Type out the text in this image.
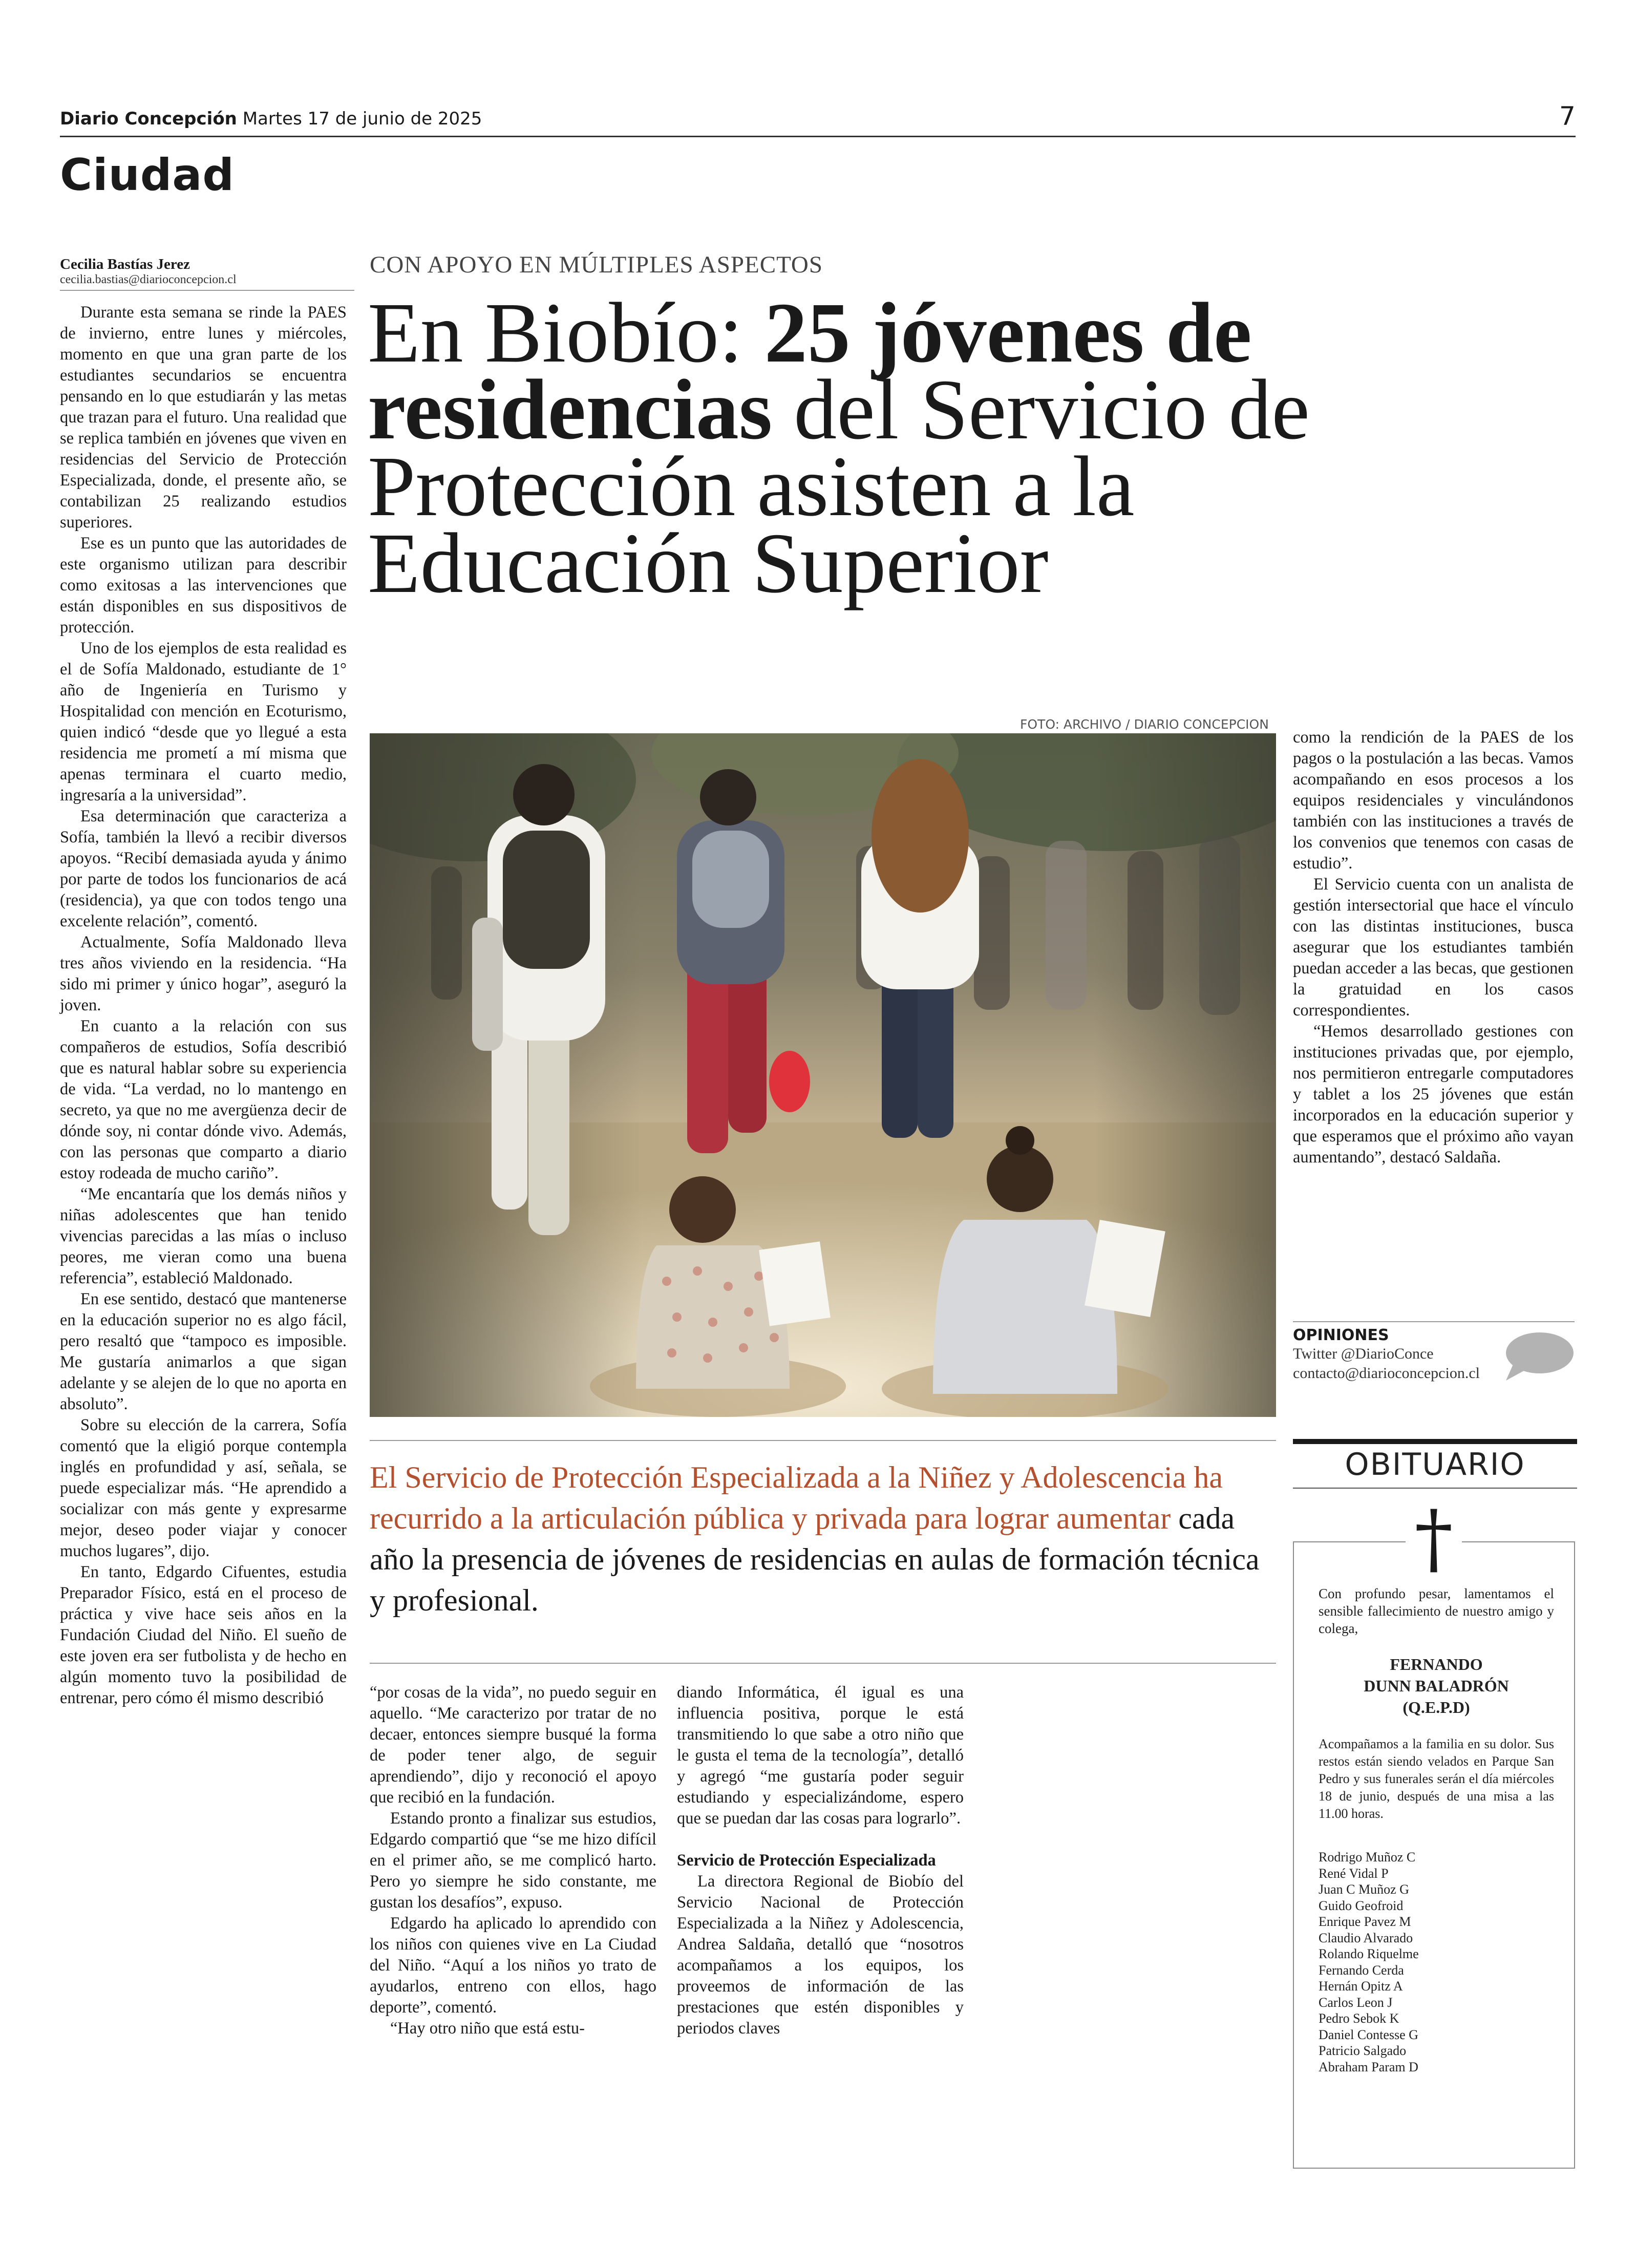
Diario Concepción Martes 17 de junio de 2025	7
Ciudad
Cecilia Bastías Jerez
cecilia.bastias@diarioconcepcion.cl

Durante esta semana se rinde la PAES de invierno, entre lunes y miércoles, momento en que una gran parte de los estudiantes secundarios se encuentra pensando en lo que estudiarán y las metas que trazan para el futuro. Una realidad que se replica también en jóvenes que viven en residencias del Servicio de Protección Especializada, donde, el presente año, se contabilizan 25 realizando estudios superiores.

Ese es un punto que las autoridades de este organismo utilizan para describir como exitosas a las intervenciones que están disponibles en sus dispositivos de protección.

Uno de los ejemplos de esta realidad es el de Sofía Maldonado, estudiante de 1° año de Ingeniería en Turismo y Hospitalidad con mención en Ecoturismo, quien indicó “desde que yo llegué a esta residencia me prometí a mí misma que apenas terminara el cuarto medio, ingresaría a la universidad”.

Esa determinación que caracteriza a Sofía, también la llevó a recibir diversos apoyos. “Recibí demasiada ayuda y ánimo por parte de todos los funcionarios de acá (residencia), ya que con todos tengo una excelente relación”, comentó.

Actualmente, Sofía Maldonado lleva tres años viviendo en la residencia. “Ha sido mi primer y único hogar”, aseguró la joven.

En cuanto a la relación con sus compañeros de estudios, Sofía describió que es natural hablar sobre su experiencia de vida. “La verdad, no lo mantengo en secreto, ya que no me avergüenza decir de dónde soy, ni contar dónde vivo. Además, con las personas que comparto a diario estoy rodeada de mucho cariño”.

“Me encantaría que los demás niños y niñas adolescentes que han tenido vivencias parecidas a las mías o incluso peores, me vieran como una buena referencia”, estableció Maldonado.

En ese sentido, destacó que mantenerse en la educación superior no es algo fácil, pero resaltó que “tampoco es imposible. Me gustaría animarlos a que sigan adelante y se alejen de lo que no aporta en absoluto”.

Sobre su elección de la carrera, Sofía comentó que la eligió porque contempla inglés en profundidad y así, señala, se puede especializar más. “He aprendido a socializar con más gente y expresarme mejor, deseo poder viajar y conocer muchos lugares”, dijo.

En tanto, Edgardo Cifuentes, estudia Preparador Físico, está en el proceso de práctica y vive hace seis años en la Fundación Ciudad del Niño. El sueño de este joven era ser futbolista y de hecho en algún momento tuvo la posibilidad de entrenar, pero cómo él mismo describió

CON APOYO EN MÚLTIPLES ASPECTOS
En Biobío: 25 jóvenes de residencias del Servicio de Protección asisten a la Educación Superior
FOTO: ARCHIVO / DIARIO CONCEPCION

como la rendición de la PAES de los pagos o la postulación a las becas. Vamos acompañando en esos procesos a los equipos residenciales y vinculándonos también con las instituciones a través de los convenios que tenemos con casas de estudio”.

El Servicio cuenta con un analista de gestión intersectorial que hace el vínculo con las distintas instituciones, busca asegurar que los estudiantes también puedan acceder a las becas, que gestionen la gratuidad en los casos correspondientes.

“Hemos desarrollado gestiones con instituciones privadas que, por ejemplo, nos permitieron entregarle computadores y tablet a los 25 jóvenes que están incorporados en la educación superior y que esperamos que el próximo año vayan aumentando”, destacó Saldaña.

OPINIONES
Twitter @DiarioConce
contacto@diarioconcepcion.cl
El Servicio de Protección Especializada a la Niñez y Adolescencia ha recurrido a la articulación pública y privada para lograr aumentar cada año la presencia de jóvenes de residencias en aulas de formación técnica y profesional.

“por cosas de la vida”, no puedo seguir en aquello. “Me caracterizo por tratar de no decaer, entonces siempre busqué la forma de poder tener algo, de seguir aprendiendo”, dijo y reconoció el apoyo que recibió en la fundación.

Estando pronto a finalizar sus estudios, Edgardo compartió que “se me hizo difícil en el primer año, se me complicó harto. Pero yo siempre he sido constante, me gustan los desafíos”, expuso.

Edgardo ha aplicado lo aprendido con los niños con quienes vive en La Ciudad del Niño. “Aquí a los niños yo trato de ayudarlos, entreno con ellos, hago deporte”, comentó.

“Hay otro niño que está estu-

diando Informática, él igual es una influencia positiva, porque le está transmitiendo lo que sabe a otro niño que le gusta el tema de la tecnología”, detalló y agregó “me gustaría poder seguir estudiando y especializándome, espero que se puedan dar las cosas para lograrlo”.

Servicio de Protección Especializada

La directora Regional de Biobío del Servicio Nacional de Protección Especializada a la Niñez y Adolescencia, Andrea Saldaña, detalló que “nosotros acompañamos a los equipos, los proveemos de información de las prestaciones que estén disponibles y periodos claves

OBITUARIO
†
Con profundo pesar, lamentamos el sensible fallecimiento de nuestro amigo y colega,
FERNANDO
DUNN BALADRÓN
(Q.E.P.D)
Acompañamos a la familia en su dolor. Sus restos están siendo velados en Parque San Pedro y sus funerales serán el día miércoles 18 de junio, después de una misa a las 11.00 horas.
Rodrigo Muñoz C
René Vidal P
Juan C Muñoz G
Guido Geofroid
Enrique Pavez M
Claudio Alvarado
Rolando Riquelme
Fernando Cerda
Hernán Opitz A
Carlos Leon J
Pedro Sebok K
Daniel Contesse G
Patricio Salgado
Abraham Param D
